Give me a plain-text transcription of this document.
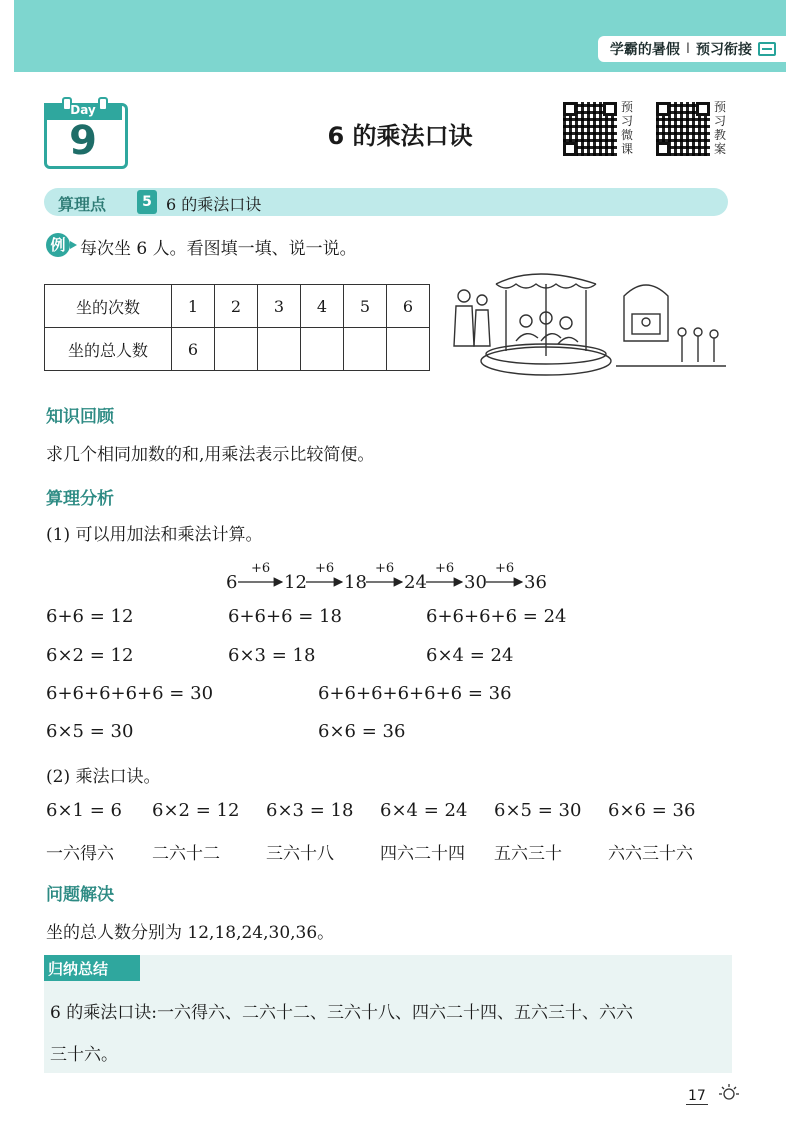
学霸的暑假 I 预习衔接
Day
9	6 的乘法口诀
预
习
微
课
预
习
教
案
算理点	5 6 的乘法口诀
例 每次坐 6 人。看图填一填、说一说。
坐的次数	1	2	3	4	5	6
坐的总人数	6					
知识回顾
求几个相同加数的和,用乘法表示比较简便。
算理分析
(1) 可以用加法和乘法计算。
6
+6
12
+6
18
+6
24
+6
30
+6
36
6+6 = 12	6+6+6 = 18	6+6+6+6 = 24
6×2 = 12	6×3 = 18	6×4 = 24
6+6+6+6+6 = 30	6+6+6+6+6+6 = 36
6×5 = 30	6×6 = 36
(2) 乘法口诀。
6×1 = 6 6×2 = 12 6×3 = 18 6×4 = 24 6×5 = 30 6×6 = 36
一六得六 二六十二	三六十八	四六二十四 五六三十	六六三十六
问题解决
坐的总人数分别为 12,18,24,30,36。
归纳总结
6 的乘法口诀:一六得六、二六十二、三六十八、四六二十四、五六三十、六六
三十六。
17
